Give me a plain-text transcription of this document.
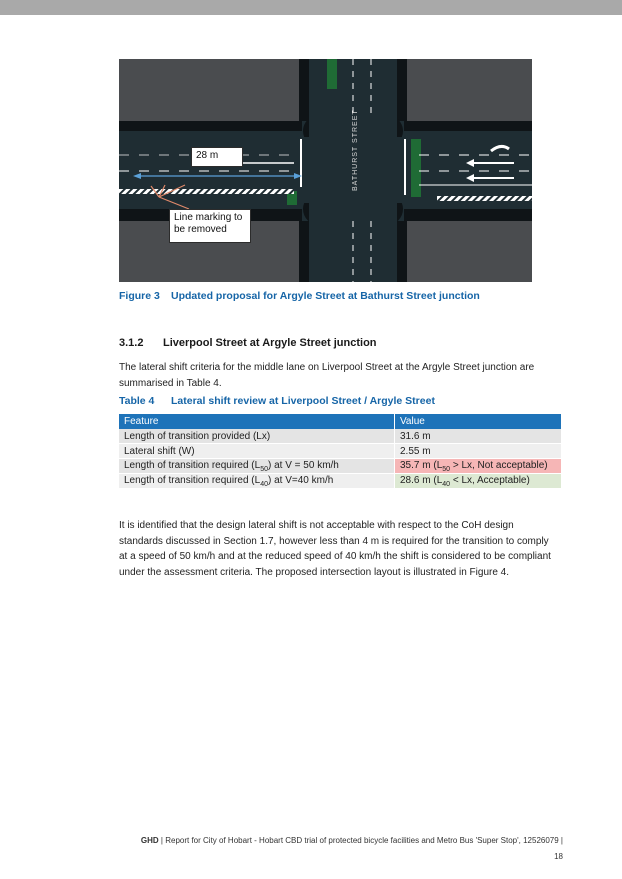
BATHURST STREET
28 m
Line marking to be removed
Figure 3 Updated proposal for Argyle Street at Bathurst Street junction
3.1.2 Liverpool Street at Argyle Street junction
The lateral shift criteria for the middle lane on Liverpool Street at the Argyle Street junction are summarised in Table 4.
Table 4 Lateral shift review at Liverpool Street / Argyle Street
Feature	Value
Length of transition provided (Lx)	31.6 m
Lateral shift (W)	2.55 m
Length of transition required $(L_{50})$ at V = 50 km/h	35.7 m ($L_{50} > Lx$, Not acceptable)
Length of transition required $(L_{40})$ at V=40 km/h	28.6 m ($L_{40} < Lx$, Acceptable)
It is identified that the design lateral shift is not acceptable with respect to the CoH design standards discussed in Section 1.7, however less than 4 m is required for the transition to comply at a speed of 50 km/h and at the reduced speed of 40 km/h the shift is considered to be compliant under the assessment criteria. The proposed intersection layout is illustrated in Figure 4.
GHD | Report for City of Hobart - Hobart CBD trial of protected bicycle facilities and Metro Bus 'Super Stop', 12526079 |
18
